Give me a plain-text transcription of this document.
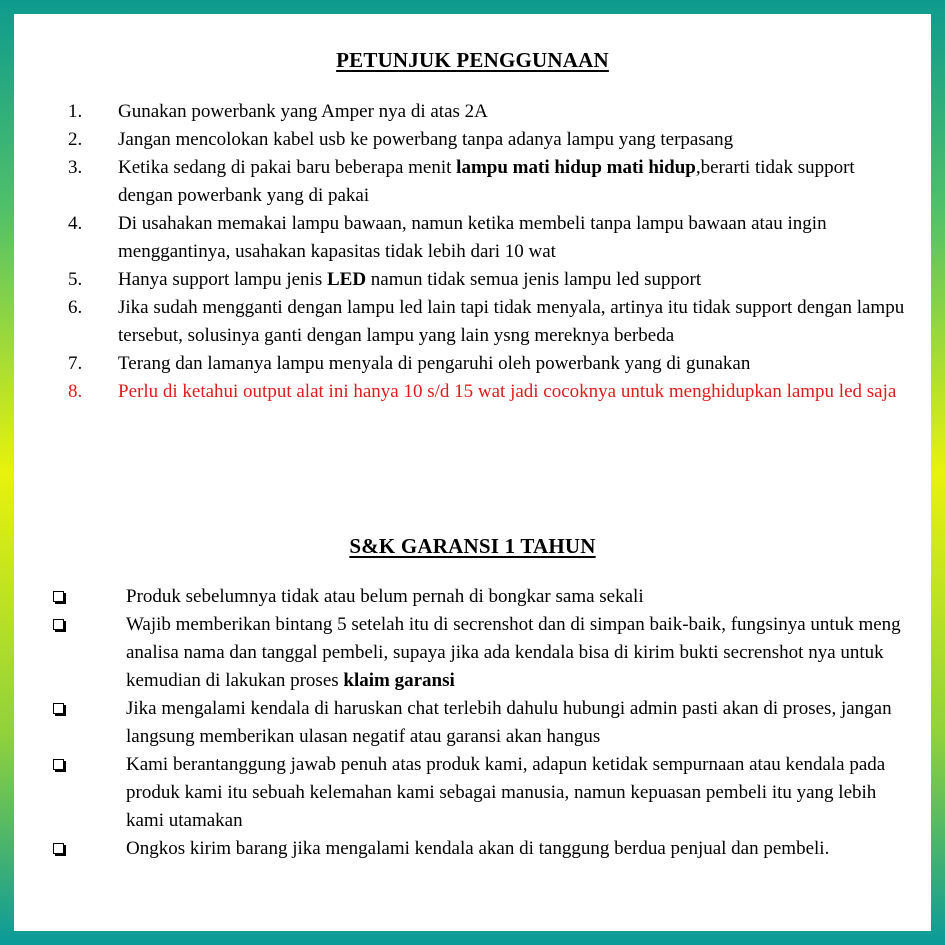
PETUNJUK PENGGUNAAN
1. Gunakan powerbank yang Amper nya di atas 2A
2. Jangan mencolokan kabel usb ke powerbang tanpa adanya lampu yang terpasang
3. Ketika sedang di pakai baru beberapa menit lampu mati hidup mati hidup,berarti tidak support dengan powerbank yang di pakai
4. Di usahakan memakai lampu bawaan, namun ketika membeli tanpa lampu bawaan atau ingin menggantinya, usahakan kapasitas tidak lebih dari 10 wat
5. Hanya support lampu jenis LED namun tidak semua jenis lampu led support
6. Jika sudah mengganti dengan lampu led lain tapi tidak menyala, artinya itu tidak support dengan lampu tersebut, solusinya ganti dengan lampu yang lain ysng mereknya berbeda
7. Terang dan lamanya lampu menyala di pengaruhi oleh powerbank yang di gunakan
8. Perlu di ketahui output alat ini hanya 10 s/d 15 wat jadi cocoknya untuk menghidupkan lampu led saja
S&K GARANSI 1 TAHUN
Produk sebelumnya tidak atau belum pernah di bongkar sama sekali
Wajib memberikan bintang 5 setelah itu di secrenshot dan di simpan baik-baik, fungsinya untuk meng analisa nama dan tanggal pembeli, supaya jika ada kendala bisa di kirim bukti secrenshot nya untuk kemudian di lakukan proses klaim garansi
Jika mengalami kendala di haruskan chat terlebih dahulu hubungi admin pasti akan di proses, jangan langsung memberikan ulasan negatif atau garansi akan hangus
Kami berantanggung jawab penuh atas produk kami, adapun ketidak sempurnaan atau kendala pada produk kami itu sebuah kelemahan kami sebagai manusia, namun kepuasan pembeli itu yang lebih kami utamakan
Ongkos kirim barang jika mengalami kendala akan di tanggung berdua penjual dan pembeli.
